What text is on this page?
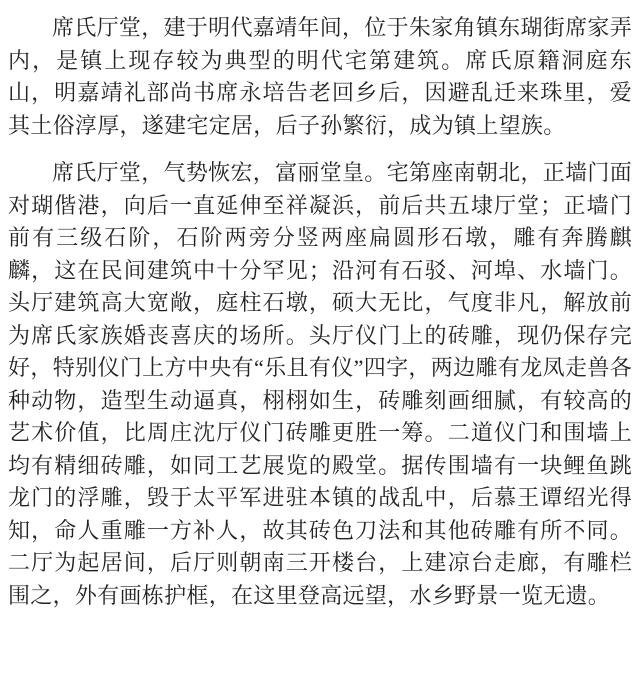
席氏厅堂，建于明代嘉靖年间，位于朱家角镇东瑚街席家弄内，是镇上现存较为典型的明代宅第建筑。席氏原籍洞庭东山，明嘉靖礼部尚书席永培告老回乡后，因避乱迁来珠里，爱其土俗淳厚，遂建宅定居，后子孙繁衍，成为镇上望族。

席氏厅堂，气势恢宏，富丽堂皇。宅第座南朝北，正墙门面对瑚偕港，向后一直延伸至祥凝浜，前后共五埭厅堂；正墙门前有三级石阶，石阶两旁分竖两座扁圆形石墩，雕有奔腾麒麟，这在民间建筑中十分罕见；沿河有石驳、河埠、水墙门。头厅建筑高大宽敞，庭柱石墩，硕大无比，气度非凡，解放前为席氏家族婚丧喜庆的场所。头厅仪门上的砖雕，现仍保存完好，特别仪门上方中央有“乐且有仪”四字，两边雕有龙凤走兽各种动物，造型生动逼真，栩栩如生，砖雕刻画细腻，有较高的艺术价值，比周庄沈厅仪门砖雕更胜一筹。二道仪门和围墙上均有精细砖雕，如同工艺展览的殿堂。据传围墙有一块鲤鱼跳龙门的浮雕，毁于太平军进驻本镇的战乱中，后慕王谭绍光得知，命人重雕一方补人，故其砖色刀法和其他砖雕有所不同。二厅为起居间，后厅则朝南三开楼台，上建凉台走廊，有雕栏围之，外有画栋护框，在这里登高远望，水乡野景一览无遗。
